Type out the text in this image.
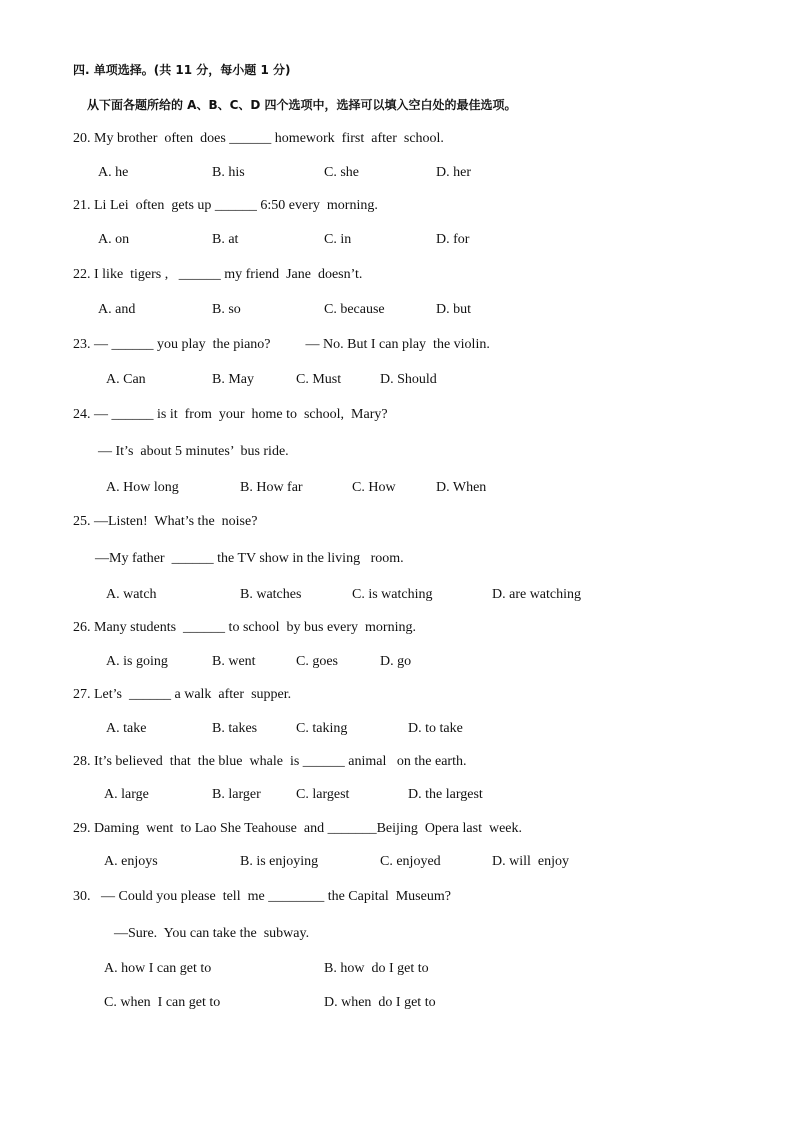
四. 单项选择。(共 11 分，每小题 1 分)
从下面各题所给的 A、B、C、D 四个选项中，选择可以填入空白处的最佳选项。
20. My brother  often  does ______ homework  first  after  school.
A. he	B. his	C. she	D. her
21. Li Lei  often  gets up ______ 6:50 every  morning.
A. on	B. at	C. in	D. for
22. I like  tigers ,   ______ my friend  Jane  doesn’t.
A. and	B. so	C. because	D. but
23. — ______ you play  the piano?          — No. But I can play  the violin.
A. Can	B. May	C. Must	D. Should
24. — ______ is it  from  your  home to  school,  Mary?
— It’s  about 5 minutes’  bus ride.
A. How long	B. How far	C. How	D. When
25. —Listen!  What’s the  noise?
—My father  ______ the TV show in the living   room.
A. watch	B. watches	C. is watching	D. are watching
26. Many students  ______ to school  by bus every  morning.
A. is going	B. went	C. goes	D. go
27. Let’s  ______ a walk  after  supper.
A. take	B. takes	C. taking	D. to take
28. It’s believed  that  the blue  whale  is ______ animal   on the earth.
A. large	B. larger	C. largest	D. the largest
29. Daming  went  to Lao She Teahouse  and _______Beijing  Opera last  week.
A. enjoys	B. is enjoying	C. enjoyed	D. will  enjoy
30.   — Could you please  tell  me ________ the Capital  Museum?
—Sure.  You can take the  subway.
A. how I can get to	B. how  do I get to
C. when  I can get to	D. when  do I get to
